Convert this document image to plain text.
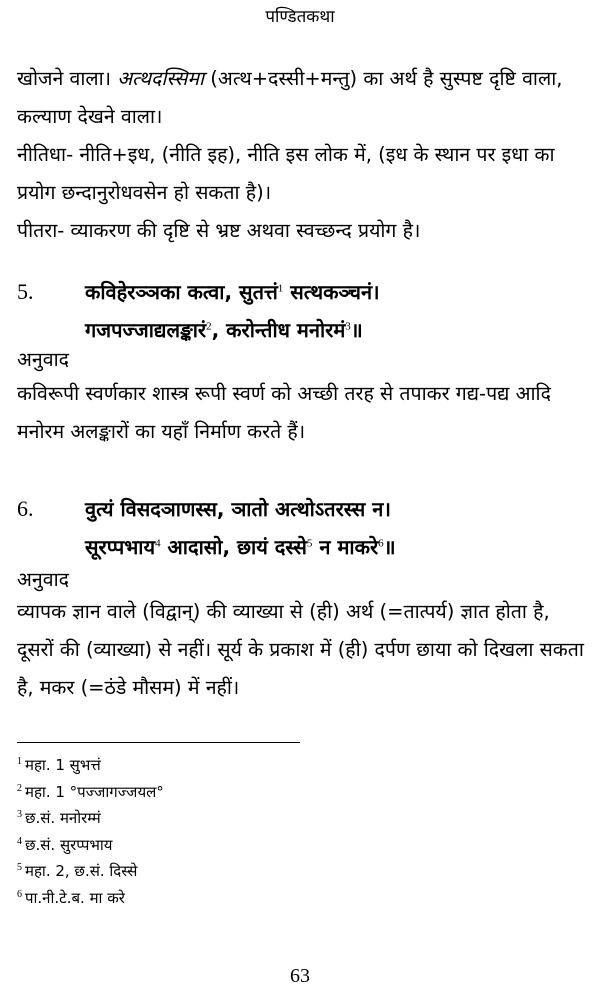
पण्डितकथा

खोजने वाला। अत्थदस्सिमा (अत्थ+दस्सी+मन्तु) का अर्थ है सुस्पष्ट दृष्टि वाला, कल्याण देखने वाला।

नीतिधा- नीति+इध, (नीति इह), नीति इस लोक में, (इध के स्थान पर इधा का प्रयोग छन्दानुरोधवसेन हो सकता है)।

पीतरा- व्याकरण की दृष्टि से भ्रष्ट अथवा स्वच्छन्द प्रयोग है।

5.	कविहेरञ्ञका कत्वा, सुतत्तं$^1$ सत्थकञ्चनं।
गजपज्जाद्यलङ्कारं$^2$, करोन्तीध मनोरमं$^3$॥
अनुवाद

कविरूपी स्वर्णकार शास्त्र रूपी स्वर्ण को अच्छी तरह से तपाकर गद्य-पद्य आदि मनोरम अलङ्कारों का यहाँ निर्माण करते हैं।

6.	वुत्यं विसदञाणस्स, ञातो अत्थोऽतरस्स न।
सूरप्पभाय$^4$ आदासो, छायं दस्से$^5$ न माकरे$^6$॥
अनुवाद

व्यापक ज्ञान वाले (विद्वान्) की व्याख्या से (ही) अर्थ (=तात्पर्य) ज्ञात होता है, दूसरों की (व्याख्या) से नहीं। सूर्य के प्रकाश में (ही) दर्पण छाया को दिखला सकता है, मकर (=ठंडे मौसम) में नहीं।

$^1$ महा. 1 सुभत्तं
$^2$ महा. 1 °पज्जागज्जयल°
$^3$ छ.सं. मनोरम्मं
$^4$ छ.सं. सुरप्पभाय
$^5$ महा. 2, छ.सं. दिस्से
$^6$ पा.नी.टे.ब. मा करे
63
